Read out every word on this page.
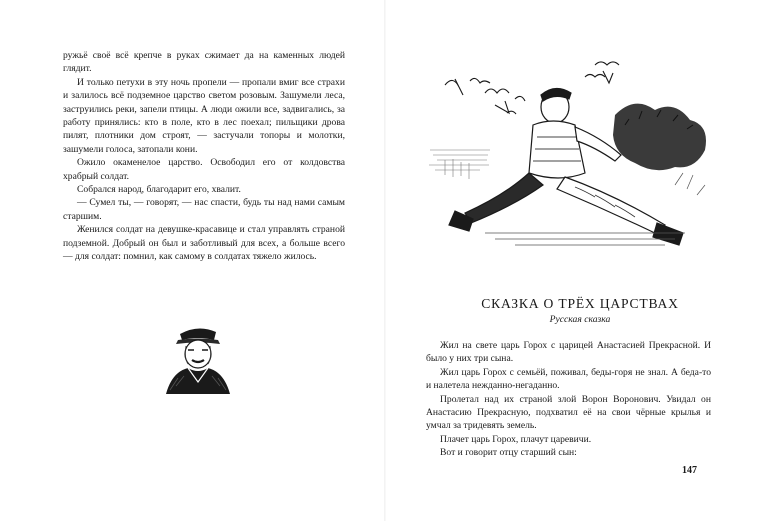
ружьё своё всё крепче в руках сжимает да на каменных людей глядит.

И только петухи в эту ночь пропели — пропали вмиг все страхи и залилось всё подземное царство светом розовым. Зашумели леса, заструились реки, запели птицы. А люди ожили все, задвигались, за работу принялись: кто в поле, кто в лес поехал; пильщики дрова пилят, плотники дом строят, — застучали топоры и молотки, зашумели голоса, затопали кони.

Ожило окаменелое царство. Освободил его от колдовства храбрый солдат.

Собрался народ, благодарит его, хвалит.

— Сумел ты, — говорят, — нас спасти, будь ты над нами самым старшим.

Женился солдат на девушке-красавице и стал управлять страной подземной. Добрый он был и заботливый для всех, а больше всего — для солдат: помнил, как самому в солдатах тяжело жилось.

СКАЗКА О ТРЁХ ЦАРСТВАХ
Русская сказка

Жил на свете царь Горох с царицей Анастасией Прекрасной. И было у них три сына.

Жил царь Горох с семьёй, поживал, беды-горя не знал. А беда-то и налетела нежданно-негаданно.

Пролетал над их страной злой Ворон Воронович. Увидал он Анастасию Прекрасную, подхватил её на свои чёрные крылья и умчал за тридевять земель.

Плачет царь Горох, плачут царевичи.

Вот и говорит отцу старший сын:

147
